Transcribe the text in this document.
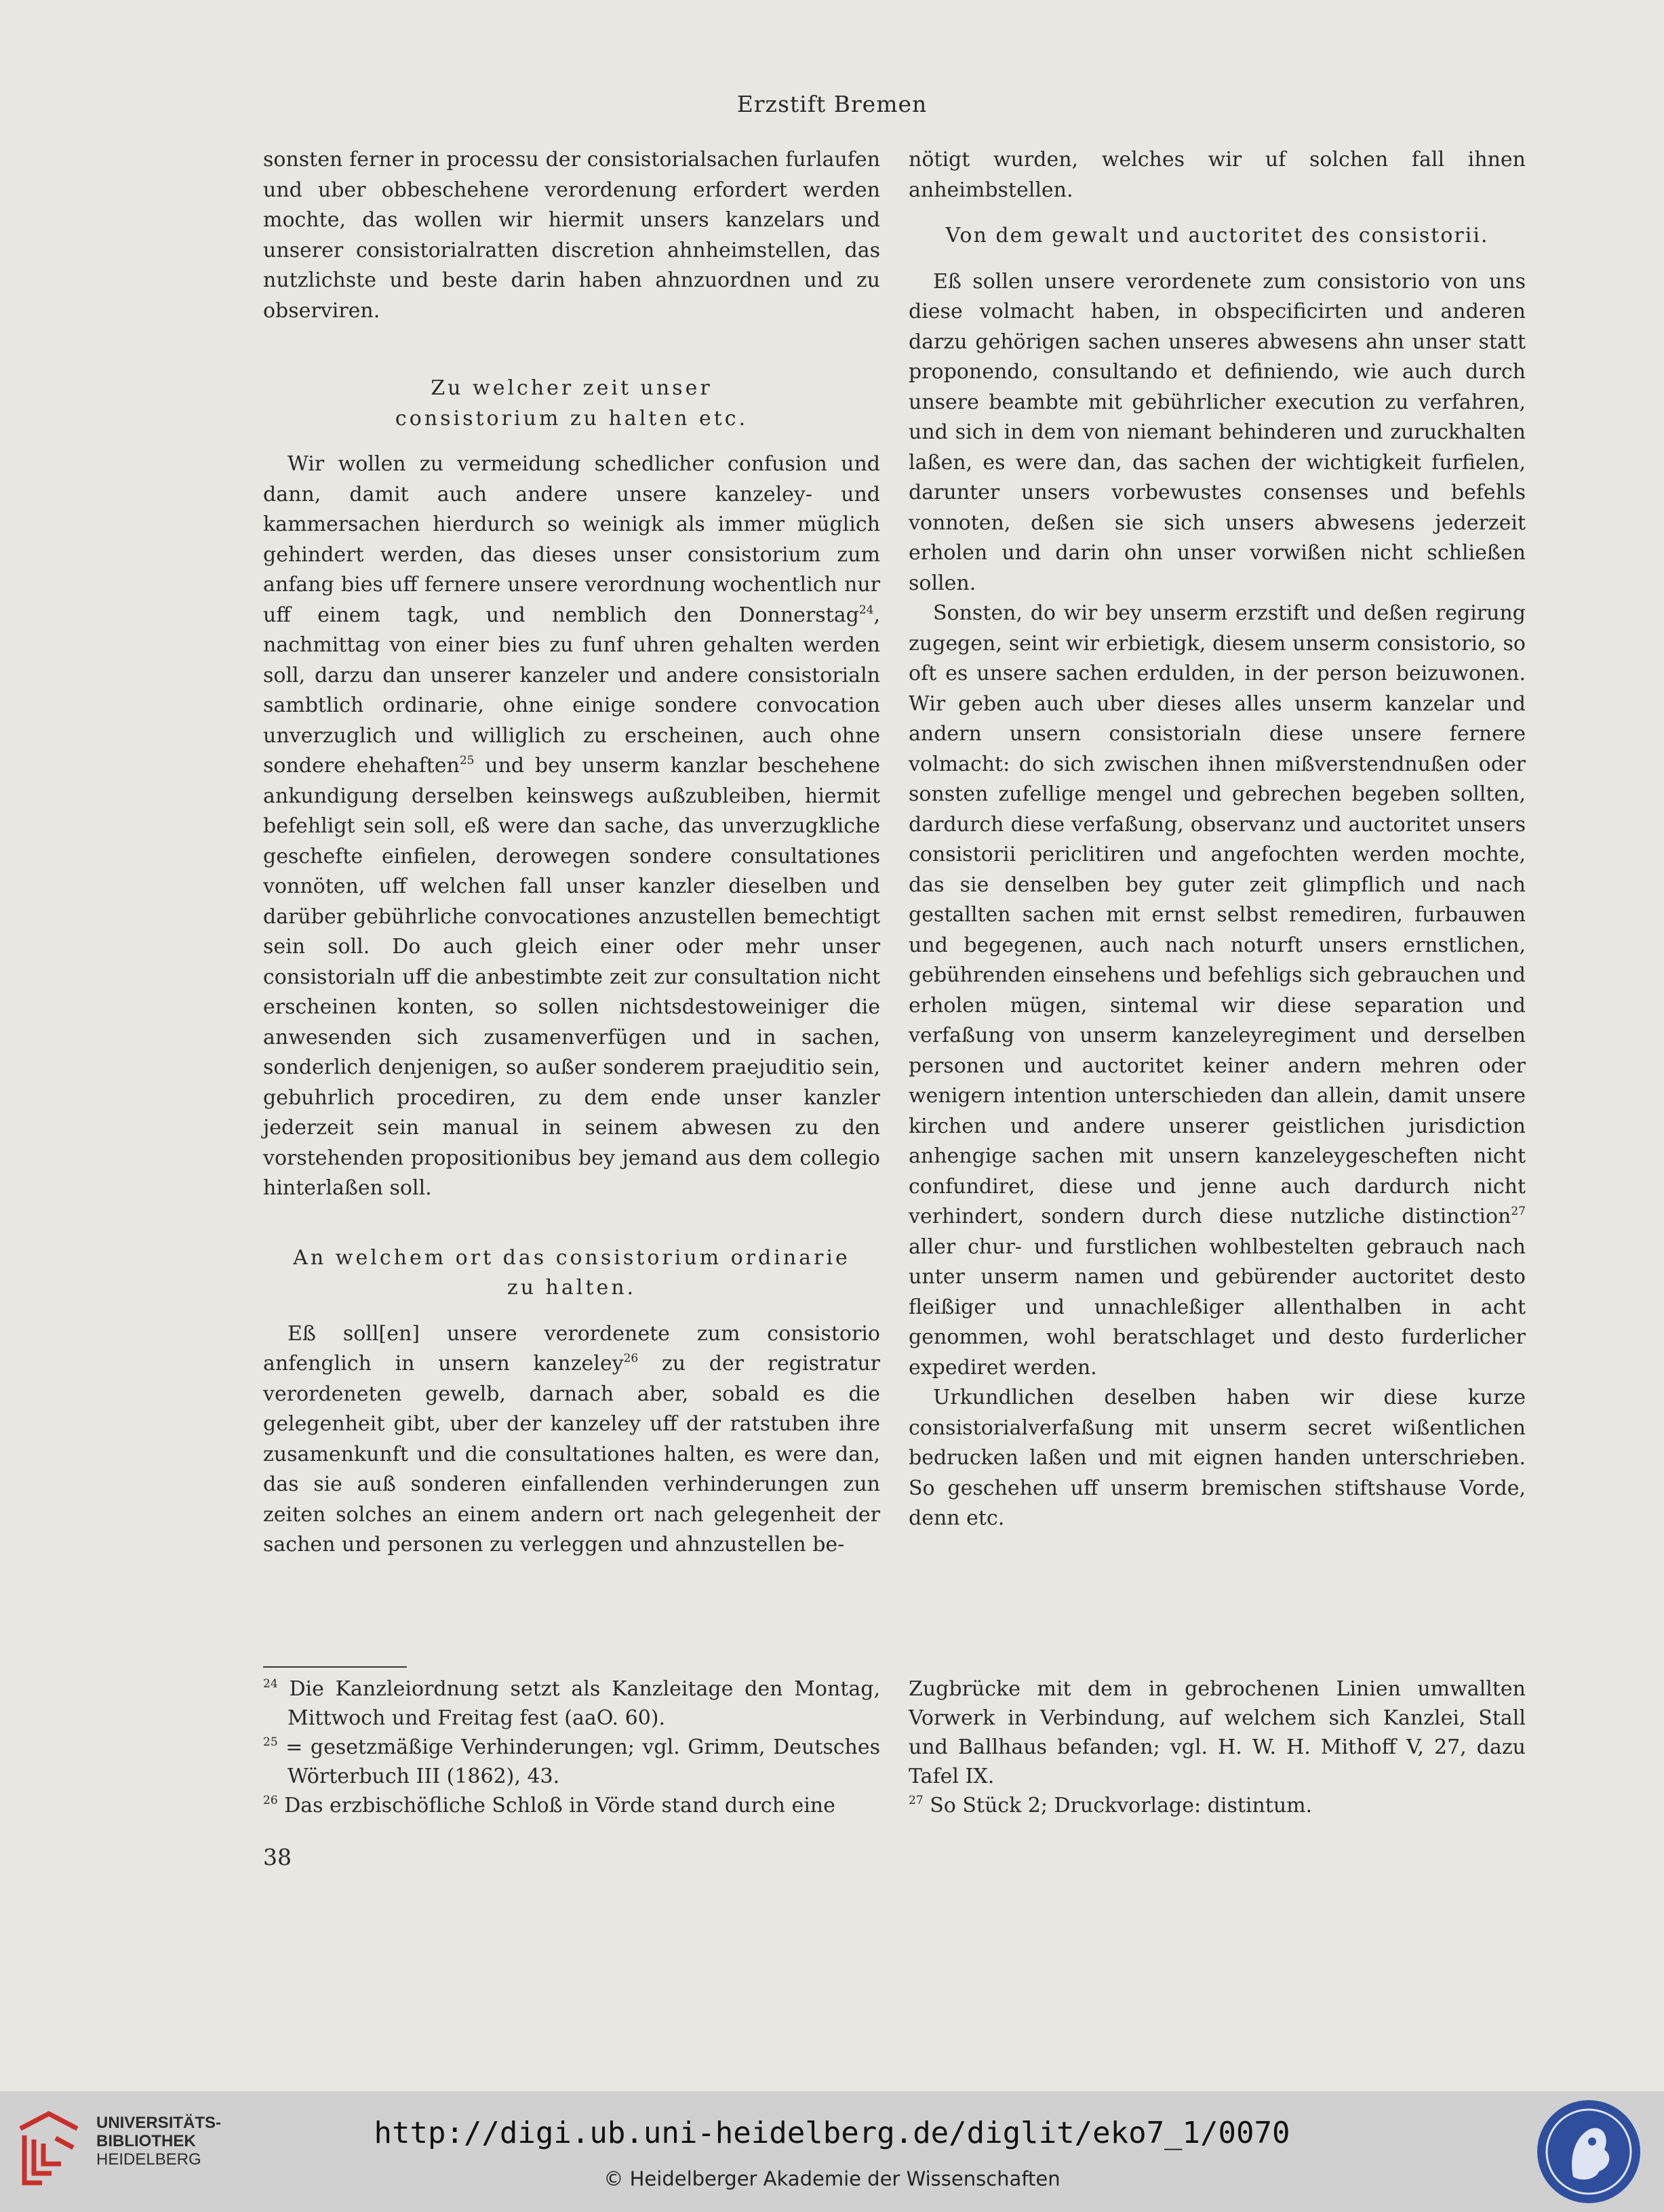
Erzstift Bremen

sonsten ferner in processu der consistorialsachen furlaufen und uber obbeschehene verordenung erfordert werden mochte, das wollen wir hiermit unsers kanzelars und unserer consistorialratten discretion ahnheimstellen, das nutzlichste und beste darin haben ahnzuordnen und zu observiren.

Zu welcher zeit unser
consistorium zu halten etc.

Wir wollen zu vermeidung schedlicher confusion und dann, damit auch andere unsere kanzeley- und kammersachen hierdurch so weinigk als immer müglich gehindert werden, das dieses unser consistorium zum anfang bies uff fernere unsere verordnung wochentlich nur uff einem tagk, und nemblich den Donnerstag$^{24}$, nachmittag von einer bies zu funf uhren gehalten werden soll, darzu dan unserer kanzeler und andere consistorialn sambtlich ordinarie, ohne einige sondere convocation unverzuglich und williglich zu erscheinen, auch ohne sondere ehehaften$^{25}$ und bey unserm kanzlar beschehene ankundigung derselben keinswegs außzubleiben, hiermit befehligt sein soll, eß were dan sache, das unverzugkliche geschefte einfielen, derowegen sondere consultationes vonnöten, uff welchen fall unser kanzler dieselben und darüber gebührliche convocationes anzustellen bemechtigt sein soll. Do auch gleich einer oder mehr unser consistorialn uff die anbestimbte zeit zur consultation nicht erscheinen konten, so sollen nichtsdestoweiniger die anwesenden sich zusamenverfügen und in sachen, sonderlich denjenigen, so außer sonderem praejuditio sein, gebuhrlich procediren, zu dem ende unser kanzler jederzeit sein manual in seinem abwesen zu den vorstehenden propositionibus bey jemand aus dem collegio hinterlaßen soll.

An welchem ort das consistorium ordinarie
zu halten.

Eß soll[en] unsere verordenete zum consistorio anfenglich in unsern kanzeley$^{26}$ zu der registratur verordeneten gewelb, darnach aber, sobald es die gelegenheit gibt, uber der kanzeley uff der ratstuben ihre zusamenkunft und die consultationes halten, es were dan, das sie auß sonderen einfallenden verhinderungen zun zeiten solches an einem andern ort nach gelegenheit der sachen und personen zu verleggen und ahnzustellen be-

nötigt wurden, welches wir uf solchen fall ihnen anheimbstellen.

Von dem gewalt und auctoritet des consistorii.

Eß sollen unsere verordenete zum consistorio von uns diese volmacht haben, in obspecificirten und anderen darzu gehörigen sachen unseres abwesens ahn unser statt proponendo, consultando et definiendo, wie auch durch unsere beambte mit gebührlicher execution zu verfahren, und sich in dem von niemant behinderen und zuruckhalten laßen, es were dan, das sachen der wichtigkeit furfielen, darunter unsers vorbewustes consenses und befehls vonnoten, deßen sie sich unsers abwesens jederzeit erholen und darin ohn unser vorwißen nicht schließen sollen.

Sonsten, do wir bey unserm erzstift und deßen regirung zugegen, seint wir erbietigk, diesem unserm consistorio, so oft es unsere sachen erdulden, in der person beizuwonen. Wir geben auch uber dieses alles unserm kanzelar und andern unsern consistorialn diese unsere fernere volmacht: do sich zwischen ihnen mißverstendnußen oder sonsten zufellige mengel und gebrechen begeben sollten, dardurch diese verfaßung, observanz und auctoritet unsers consistorii periclitiren und angefochten werden mochte, das sie denselben bey guter zeit glimpflich und nach gestallten sachen mit ernst selbst remediren, furbauwen und begegenen, auch nach noturft unsers ernstlichen, gebührenden einsehens und befehligs sich gebrauchen und erholen mügen, sintemal wir diese separation und verfaßung von unserm kanzeleyregiment und derselben personen und auctoritet keiner andern mehren oder wenigern intention unterschieden dan allein, damit unsere kirchen und andere unserer geistlichen jurisdiction anhengige sachen mit unsern kanzeleygescheften nicht confundiret, diese und jenne auch dardurch nicht verhindert, sondern durch diese nutzliche distinction$^{27}$ aller chur- und furstlichen wohlbestelten gebrauch nach unter unserm namen und gebürender auctoritet desto fleißiger und unnachleßiger allenthalben in acht genommen, wohl beratschlaget und desto furderlicher expediret werden.

Urkundlichen deselben haben wir diese kurze consistorialverfaßung mit unserm secret wißentlichen bedrucken laßen und mit eignen handen unterschrieben. So geschehen uff unserm bremischen stiftshause Vorde, denn etc.

$^{24}$ Die Kanzleiordnung setzt als Kanzleitage den Montag, Mittwoch und Freitag fest (aaO. 60).

$^{25}$ = gesetzmäßige Verhinderungen; vgl. Grimm, Deutsches Wörterbuch III (1862), 43.

$^{26}$ Das erzbischöfliche Schloß in Vörde stand durch eine

Zugbrücke mit dem in gebrochenen Linien umwallten Vorwerk in Verbindung, auf welchem sich Kanzlei, Stall und Ballhaus befanden; vgl. H. W. H. Mithoff V, 27, dazu Tafel IX.

$^{27}$ So Stück 2; Druckvorlage: distintum.

38
UNIVERSITÄTS-
BIBLIOTHEK
HEIDELBERG
http://digi.ub.uni-heidelberg.de/diglit/eko7_1/0070
© Heidelberger Akademie der Wissenschaften
